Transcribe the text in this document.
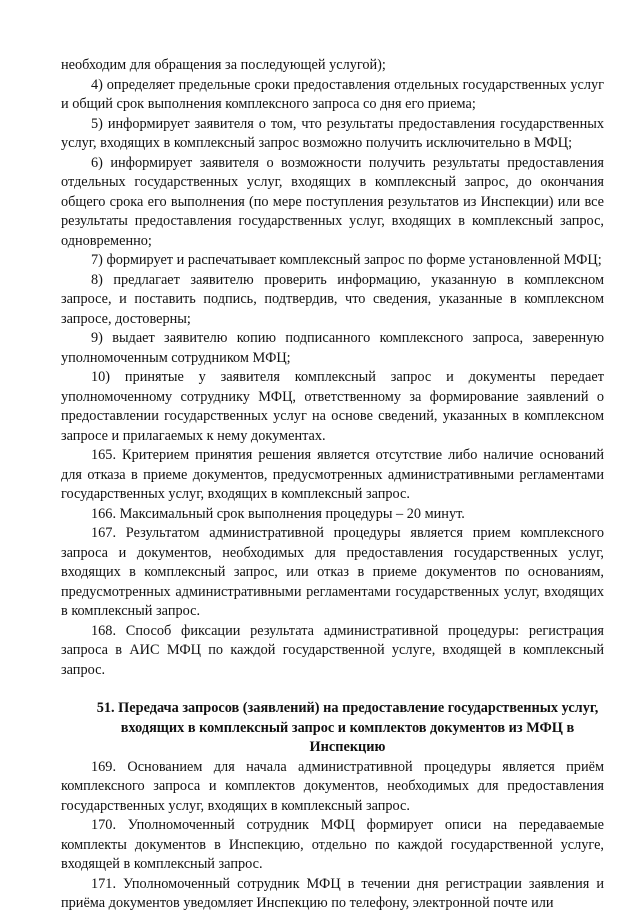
необходим для обращения за последующей услугой);

4) определяет предельные сроки предоставления отдельных государственных услуг и общий срок выполнения комплексного запроса со дня его приема;

5) информирует заявителя о том, что результаты предоставления государственных услуг, входящих в комплексный запрос возможно получить исключительно в МФЦ;

6) информирует заявителя о возможности получить результаты предоставления отдельных государственных услуг, входящих в комплексный запрос, до окончания общего срока его выполнения (по мере поступления результатов из Инспекции) или все результаты предоставления государственных услуг, входящих в комплексный запрос, одновременно;

7) формирует и распечатывает комплексный запрос по форме установленной МФЦ;

8) предлагает заявителю проверить информацию, указанную в комплексном запросе, и поставить подпись, подтвердив, что сведения, указанные в комплексном запросе, достоверны;

9) выдает заявителю копию подписанного комплексного запроса, заверенную уполномоченным сотрудником МФЦ;

10) принятые у заявителя комплексный запрос и документы передает уполномоченному сотруднику МФЦ, ответственному за формирование заявлений о предоставлении государственных услуг на основе сведений, указанных в комплексном запросе и прилагаемых к нему документах.

165. Критерием принятия решения является отсутствие либо наличие оснований для отказа в приеме документов, предусмотренных административными регламентами государственных услуг, входящих в комплексный запрос.

166. Максимальный срок выполнения процедуры – 20 минут.

167. Результатом административной процедуры является прием комплексного запроса и документов, необходимых для предоставления государственных услуг, входящих в комплексный запрос, или отказ в приеме документов по основаниям, предусмотренных административными регламентами государственных услуг, входящих в комплексный запрос.

168. Способ фиксации результата административной процедуры: регистрация запроса в АИС МФЦ по каждой государственной услуге, входящей в комплексный запрос.

51. Передача запросов (заявлений) на предоставление государственных услуг, входящих в комплексный запрос и комплектов документов из МФЦ в Инспекцию

169. Основанием для начала административной процедуры является приём комплексного запроса и комплектов документов, необходимых для предоставления государственных услуг, входящих в комплексный запрос.

170. Уполномоченный сотрудник МФЦ формирует описи на передаваемые комплекты документов в Инспекцию, отдельно по каждой государственной услуге, входящей в комплексный запрос.

171. Уполномоченный сотрудник МФЦ в течении дня регистрации заявления и приёма документов уведомляет Инспекцию по телефону, электронной почте или
